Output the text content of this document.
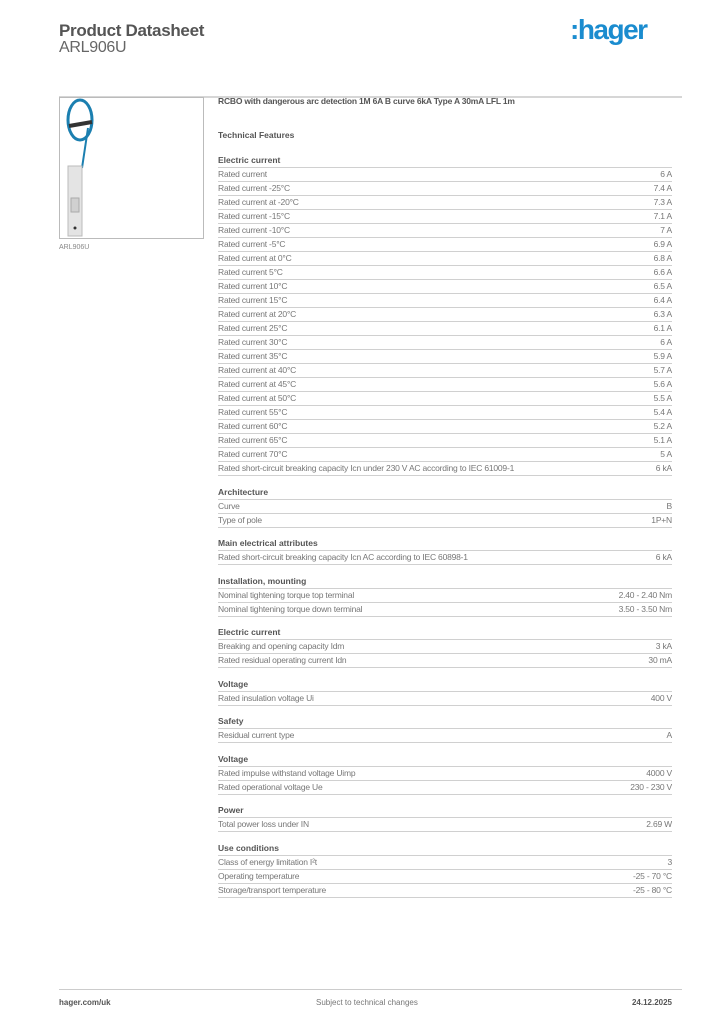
Product Datasheet
ARL906U
:hager
ARL906U
RCBO with dangerous arc detection 1M 6A B curve 6kA Type A 30mA LFL 1m
Technical Features
Electric current
Rated current	6 A
Rated current -25°C	7.4 A
Rated current at -20°C	7.3 A
Rated current -15°C	7.1 A
Rated current -10°C	7 A
Rated current -5°C	6.9 A
Rated current at 0°C	6.8 A
Rated current 5°C	6.6 A
Rated current 10°C	6.5 A
Rated current 15°C	6.4 A
Rated current at 20°C	6.3 A
Rated current 25°C	6.1 A
Rated current 30°C	6 A
Rated current 35°C	5.9 A
Rated current at 40°C	5.7 A
Rated current at 45°C	5.6 A
Rated current at 50°C	5.5 A
Rated current 55°C	5.4 A
Rated current 60°C	5.2 A
Rated current 65°C	5.1 A
Rated current 70°C	5 A
Rated short-circuit breaking capacity Icn under 230 V AC according to IEC 61009-1	6 kA
Architecture
Curve	B
Type of pole	1P+N
Main electrical attributes
Rated short-circuit breaking capacity Icn AC according to IEC 60898-1	6 kA
Installation, mounting
Nominal tightening torque top terminal	2.40 - 2.40 Nm
Nominal tightening torque down terminal	3.50 - 3.50 Nm
Electric current
Breaking and opening capacity Idm	3 kA
Rated residual operating current Idn	30 mA
Voltage
Rated insulation voltage Ui	400 V
Safety
Residual current type	A
Voltage
Rated impulse withstand voltage Uimp	4000 V
Rated operational voltage Ue	230 - 230 V
Power
Total power loss under IN	2.69 W
Use conditions
Class of energy limitation I²t	3
Operating temperature	-25 - 70 °C
Storage/transport temperature	-25 - 80 °C
hager.com/uk	Subject to technical changes	24.12.2025
